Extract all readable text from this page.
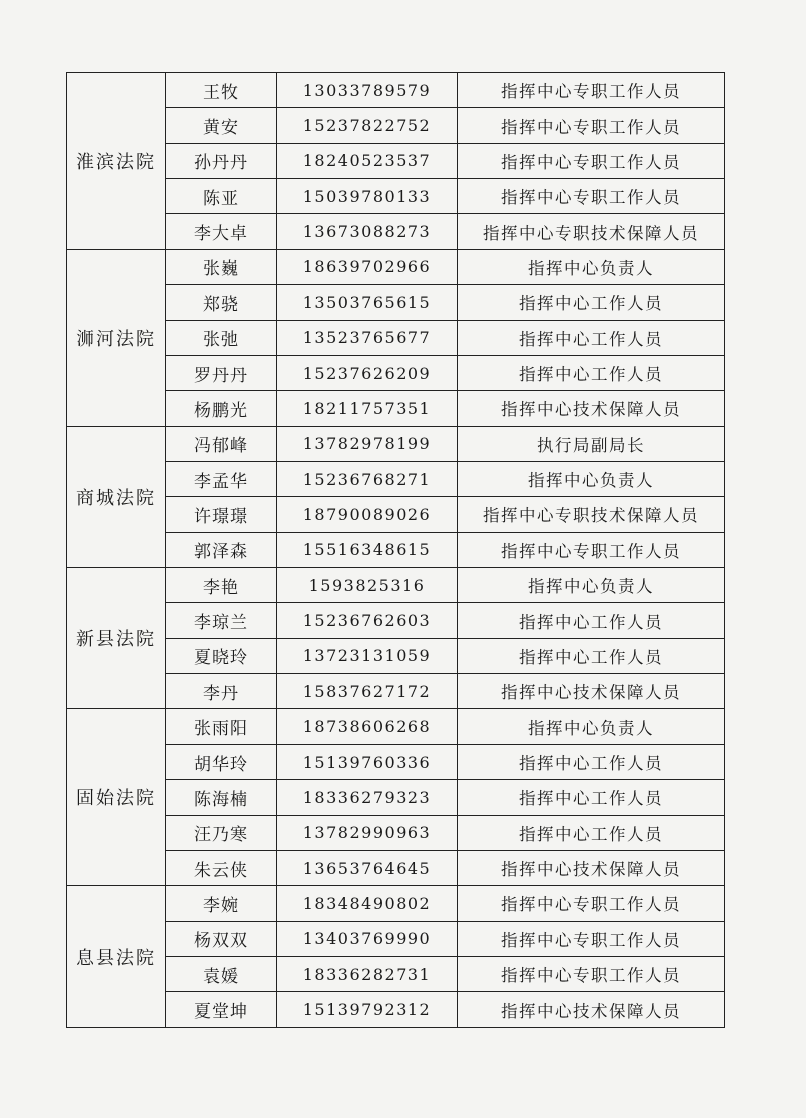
淮滨法院	王牧	13033789579	指挥中心专职工作人员
	黄安	15237822752	指挥中心专职工作人员
	孙丹丹	18240523537	指挥中心专职工作人员
	陈亚	15039780133	指挥中心专职工作人员
	李大卓	13673088273	指挥中心专职技术保障人员
浉河法院	张巍	18639702966	指挥中心负责人
	郑骁	13503765615	指挥中心工作人员
	张弛	13523765677	指挥中心工作人员
	罗丹丹	15237626209	指挥中心工作人员
	杨鹏光	18211757351	指挥中心技术保障人员
商城法院	冯郁峰	13782978199	执行局副局长
	李孟华	15236768271	指挥中心负责人
	许璟璟	18790089026	指挥中心专职技术保障人员
	郭泽森	15516348615	指挥中心专职工作人员
新县法院	李艳	1593825316	指挥中心负责人
	李琼兰	15236762603	指挥中心工作人员
	夏晓玲	13723131059	指挥中心工作人员
	李丹	15837627172	指挥中心技术保障人员
固始法院	张雨阳	18738606268	指挥中心负责人
	胡华玲	15139760336	指挥中心工作人员
	陈海楠	18336279323	指挥中心工作人员
	汪乃寒	13782990963	指挥中心工作人员
	朱云侠	13653764645	指挥中心技术保障人员
息县法院	李婉	18348490802	指挥中心专职工作人员
	杨双双	13403769990	指挥中心专职工作人员
	袁媛	18336282731	指挥中心专职工作人员
	夏堂坤	15139792312	指挥中心技术保障人员
